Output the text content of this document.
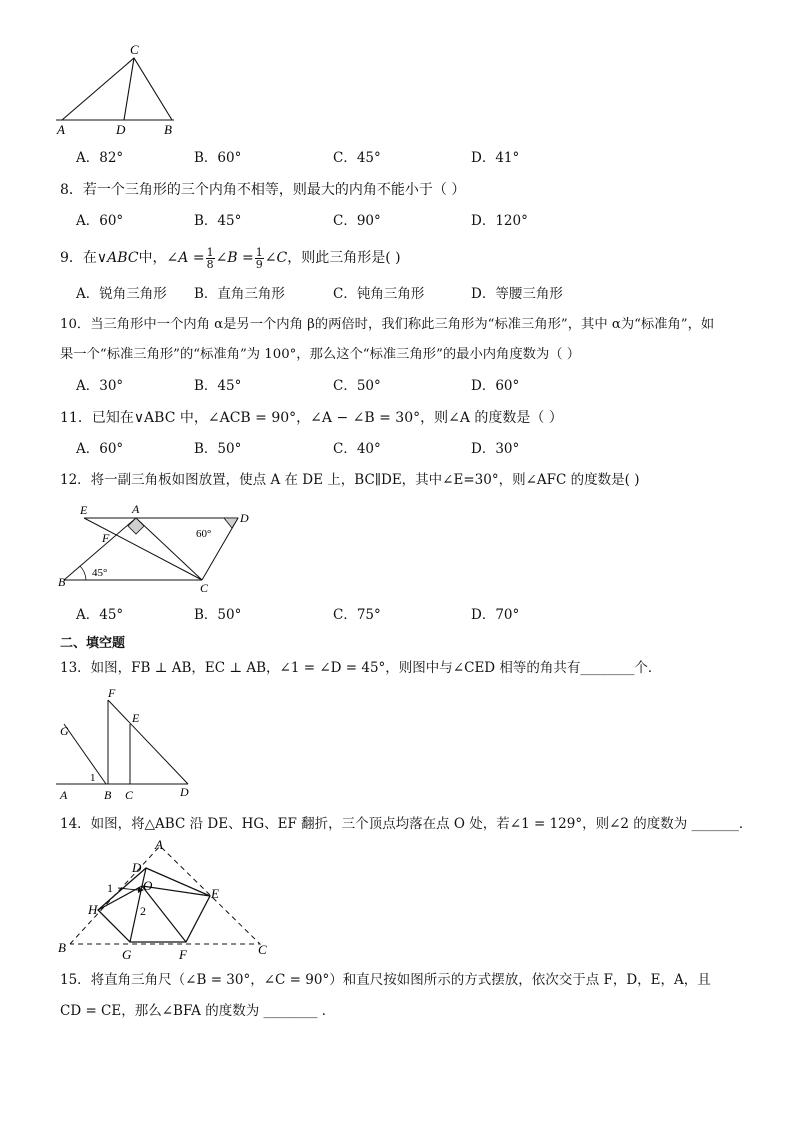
C
A	D	B
A．82°	B．60°	C．45°	D．41°
8．若一个三角形的三个内角不相等，则最大的内角不能小于（ ）
A．60°	B．45°	C．90°	D．120°
9．在 ∨ABC 中， ∠A = $\frac{1}{8}$ ∠B = $\frac{1}{9}$ ∠C ，则此三角形是( )
A．锐角三角形 B．直角三角形	C．钝角三角形	D．等腰三角形
10．当三角形中一个内角 α是另一个内角 β的两倍时，我们称此三角形为“标准三角形”，其中 α为“标准角”，如
果一个“标准三角形”的“标准角”为 100°，那么这个“标准三角形”的最小内角度数为（ ）
A．30°	B．45°	C．50°	D．60°
11．已知在∨ABC 中，∠ACB = 90°，∠A − ∠B = 30°，则∠A 的度数是（ ）
A．60°	B．50°	C．40°	D．30°
12．将一副三角板如图放置，使点 A 在 DE 上，BC∥DE，其中∠E=30°，则∠AFC 的度数是( )
E	A
D
F
B	C
60°
45°
A．45°	B．50°	C．75°	D．70°
二、填空题
13．如图，FB ⊥ AB，EC ⊥ AB，∠1 = ∠D = 45°，则图中与∠CED 相等的角共有________个．
F
E
G
1
A	B C	D
14．如图，将△ABC 沿 DE、HG、EF 翻折，三个顶点均落在点 O 处，若∠1 = 129°，则∠2 的度数为 _______．
A
D
O
E
1
2
H
B	G	F	C
15．将直角三角尺（∠B = 30°，∠C = 90°）和直尺按如图所示的方式摆放，依次交于点 F，D，E，A，且
CD = CE，那么∠BFA 的度数为 ________ ．
